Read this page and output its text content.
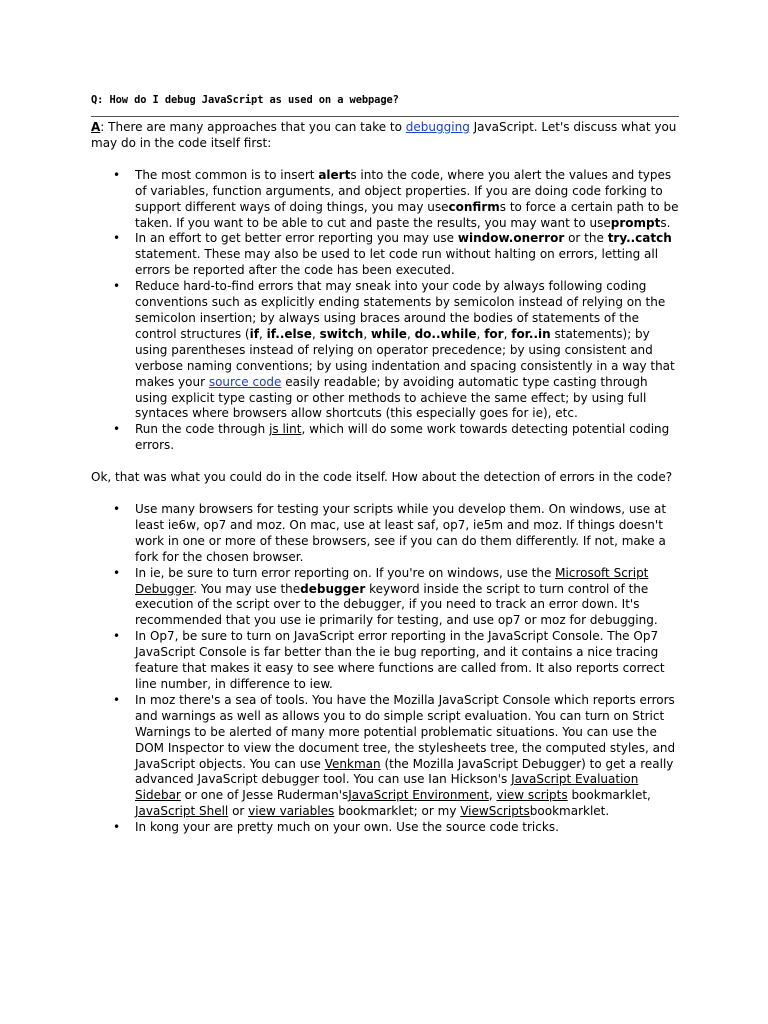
Q: How do I debug JavaScript as used on a webpage?

A: There are many approaches that you can take to debugging JavaScript. Let's discuss what you may do in the code itself first:

• The most common is to insert alerts into the code, where you alert the values and types of variables, function arguments, and object properties. If you are doing code forking to support different ways of doing things, you may useconfirms to force a certain path to be taken. If you want to be able to cut and paste the results, you may want to useprompts.
• In an effort to get better error reporting you may use window.onerror or the try..catch statement. These may also be used to let code run without halting on errors, letting all errors be reported after the code has been executed.
• Reduce hard-to-find errors that may sneak into your code by always following coding conventions such as explicitly ending statements by semicolon instead of relying on the semicolon insertion; by always using braces around the bodies of statements of the control structures (if, if..else, switch, while, do..while, for, for..in statements); by using parentheses instead of relying on operator precedence; by using consistent and verbose naming conventions; by using indentation and spacing consistently in a way that makes your source code easily readable; by avoiding automatic type casting through using explicit type casting or other methods to achieve the same effect; by using full syntaces where browsers allow shortcuts (this especially goes for ie), etc.
• Run the code through js lint, which will do some work towards detecting potential coding errors.

Ok, that was what you could do in the code itself. How about the detection of errors in the code?

• Use many browsers for testing your scripts while you develop them. On windows, use at least ie6w, op7 and moz. On mac, use at least saf, op7, ie5m and moz. If things doesn't work in one or more of these browsers, see if you can do them differently. If not, make a fork for the chosen browser.
• In ie, be sure to turn error reporting on. If you're on windows, use the Microsoft Script Debugger. You may use thedebugger keyword inside the script to turn control of the execution of the script over to the debugger, if you need to track an error down. It's recommended that you use ie primarily for testing, and use op7 or moz for debugging.
• In Op7, be sure to turn on JavaScript error reporting in the JavaScript Console. The Op7 JavaScript Console is far better than the ie bug reporting, and it contains a nice tracing feature that makes it easy to see where functions are called from. It also reports correct line number, in difference to iew.
• In moz there's a sea of tools. You have the Mozilla JavaScript Console which reports errors and warnings as well as allows you to do simple script evaluation. You can turn on Strict Warnings to be alerted of many more potential problematic situations. You can use the DOM Inspector to view the document tree, the stylesheets tree, the computed styles, and JavaScript objects. You can use Venkman (the Mozilla JavaScript Debugger) to get a really advanced JavaScript debugger tool. You can use Ian Hickson's JavaScript Evaluation Sidebar or one of Jesse Ruderman'sJavaScript Environment, view scripts bookmarklet, JavaScript Shell or view variables bookmarklet; or my ViewScriptsbookmarklet.
• In kong your are pretty much on your own. Use the source code tricks.
